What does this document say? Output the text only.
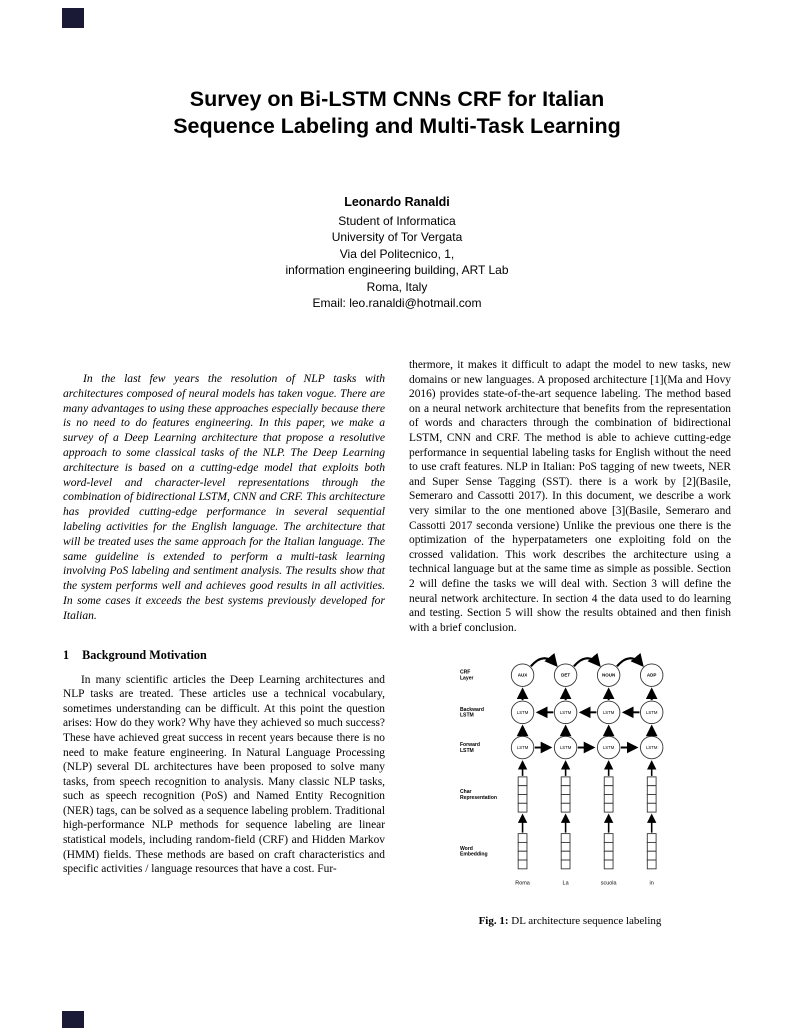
Survey on Bi-LSTM CNNs CRF for Italian
Sequence Labeling and Multi-Task Learning
Leonardo Ranaldi
Student of Informatica
University of Tor Vergata
Via del Politecnico, 1,
information engineering building, ART Lab
Roma, Italy
Email: leo.ranaldi@hotmail.com

In the last few years the resolution of NLP tasks with architectures composed of neural models has taken vogue. There are many advantages to using these approaches especially because there is no need to do features engineering. In this paper, we make a survey of a Deep Learning architecture that propose a resolutive approach to some classical tasks of the NLP. The Deep Learning architecture is based on a cutting-edge model that exploits both word-level and character-level representations through the combination of bidirectional LSTM, CNN and CRF. This architecture has provided cutting-edge performance in several sequential labeling activities for the English language. The architecture that will be treated uses the same approach for the Italian language. The same guideline is extended to perform a multi-task learning involving PoS labeling and sentiment analysis. The results show that the system performs well and achieves good results in all activities. In some cases it exceeds the best systems previously developed for Italian.

1 Background Motivation

In many scientific articles the Deep Learning architectures and NLP tasks are treated. These articles use a technical vocabulary, sometimes understanding can be difficult. At this point the question arises: How do they work? Why have they achieved so much success? These have achieved great success in recent years because there is no need to make feature engineering. In Natural Language Processing (NLP) several DL architectures have been proposed to solve many tasks, from speech recognition to analysis. Many classic NLP tasks, such as speech recognition (PoS) and Named Entity Recognition (NER) tags, can be solved as a sequence labeling problem. Traditional high-performance NLP methods for sequence labeling are linear statistical models, including random-field (CRF) and Hidden Markov (HMM) fields. These methods are based on craft characteristics and specific activities / language resources that have a cost. Fur-

thermore, it makes it difficult to adapt the model to new tasks, new domains or new languages. A proposed architecture [1](Ma and Hovy 2016) provides state-of-the-art sequence labeling. The method based on a neural network architecture that benefits from the representation of words and characters through the combination of bidirectional LSTM, CNN and CRF. The method is able to achieve cutting-edge performance in sequential labeling tasks for English without the need to use craft features. NLP in Italian: PoS tagging of new tweets, NER and Super Sense Tagging (SST). there is a work by [2](Basile, Semeraro and Cassotti 2017). In this document, we describe a work very similar to the one mentioned above [3](Basile, Semeraro and Cassotti 2017 seconda versione) Unlike the previous one there is the optimization of the hyperpatameters one exploiting fold on the crossed validation. This work describes the architecture using a technical language but at the same time as simple as possible. Section 2 will define the tasks we will deal with. Section 3 will define the neural network architecture. In section 4 the data used to do learning and testing. Section 5 will show the results obtained and then finish with a brief conclusion.

AUX
LSTM
LSTM
DET
LSTM
LSTM
NOUN
LSTM
LSTM
ADP
LSTM
LSTM
Roma	La	scuola	in
CRF
Layer
Backward
LSTM
Forward
LSTM
Char
Representation
Word
Embedding
Fig. 1: DL architecture sequence labeling
